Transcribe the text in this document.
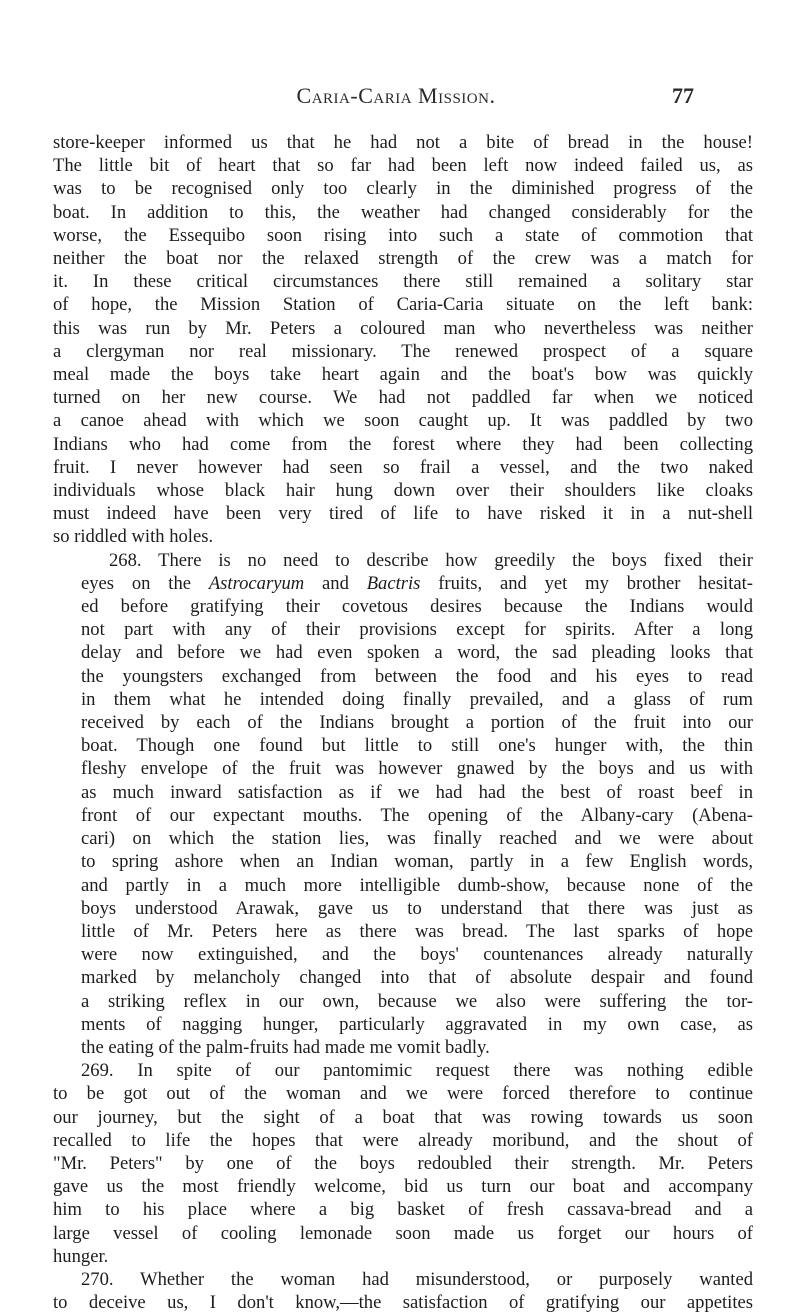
Caria-Caria Mission.	77

store-keeper informed us that he had not a bite of bread in the house!
The little bit of heart that so far had been left now indeed failed us, as
was to be recognised only too clearly in the diminished progress of the
boat. In addition to this, the weather had changed considerably for the
worse, the Essequibo soon rising into such a state of commotion that
neither the boat nor the relaxed strength of the crew was a match for
it. In these critical circumstances there still remained a solitary star
of hope, the Mission Station of Caria-Caria situate on the left bank:
this was run by Mr. Peters a coloured man who nevertheless was neither
a clergyman nor real missionary. The renewed prospect of a square
meal made the boys take heart again and the boat's bow was quickly
turned on her new course. We had not paddled far when we noticed
a canoe ahead with which we soon caught up. It was paddled by two
Indians who had come from the forest where they had been collecting
fruit. I never however had seen so frail a vessel, and the two naked
individuals whose black hair hung down over their shoulders like cloaks
must indeed have been very tired of life to have risked it in a nut-shell
so riddled with holes.

268. There is no need to describe how greedily the boys fixed their
eyes on the Astrocaryum and Bactris fruits, and yet my brother hesitat-
ed before gratifying their covetous desires because the Indians would
not part with any of their provisions except for spirits. After a long
delay and before we had even spoken a word, the sad pleading looks that
the youngsters exchanged from between the food and his eyes to read
in them what he intended doing finally prevailed, and a glass of rum
received by each of the Indians brought a portion of the fruit into our
boat. Though one found but little to still one's hunger with, the thin
fleshy envelope of the fruit was however gnawed by the boys and us with
as much inward satisfaction as if we had had the best of roast beef in
front of our expectant mouths. The opening of the Albany-cary (Abena-
cari) on which the station lies, was finally reached and we were about
to spring ashore when an Indian woman, partly in a few English words,
and partly in a much more intelligible dumb-show, because none of the
boys understood Arawak, gave us to understand that there was just as
little of Mr. Peters here as there was bread. The last sparks of hope
were now extinguished, and the boys' countenances already naturally
marked by melancholy changed into that of absolute despair and found
a striking reflex in our own, because we also were suffering the tor-
ments of nagging hunger, particularly aggravated in my own case, as
the eating of the palm-fruits had made me vomit badly.

269. In spite of our pantomimic request there was nothing edible
to be got out of the woman and we were forced therefore to continue
our journey, but the sight of a boat that was rowing towards us soon
recalled to life the hopes that were already moribund, and the shout of
"Mr. Peters" by one of the boys redoubled their strength. Mr. Peters
gave us the most friendly welcome, bid us turn our boat and accompany
him to his place where a big basket of fresh cassava-bread and a
large vessel of cooling lemonade soon made us forget our hours of
hunger.

270. Whether the woman had misunderstood, or purposely wanted
to deceive us, I don't know,—the satisfaction of gratifying our appetites
